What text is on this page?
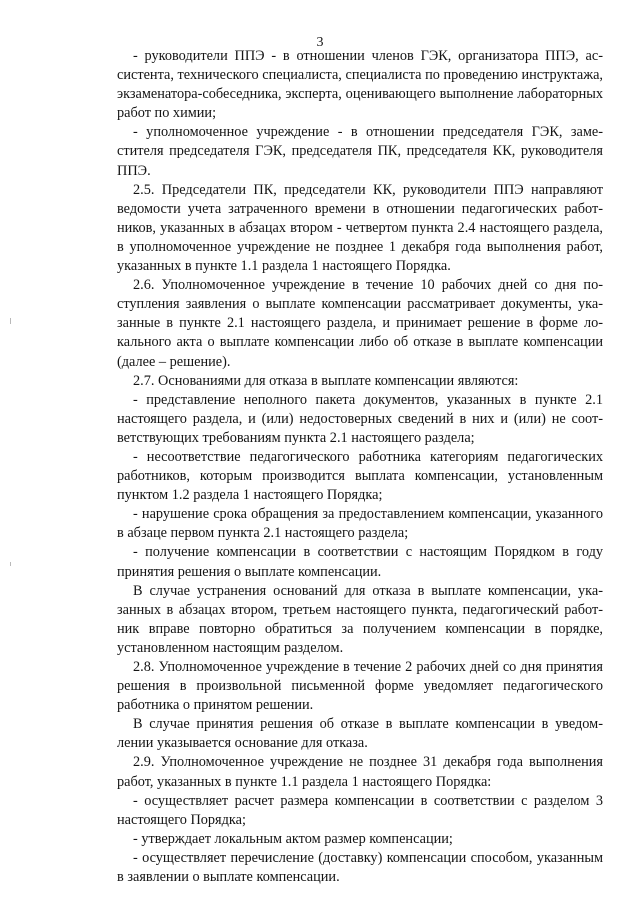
3

- руководители ППЭ - в отношении членов ГЭК, организатора ППЭ, ассистента, технического специалиста, специалиста по проведению инструктажа, экзаменатора-собеседника, эксперта, оценивающего выполнение лабораторных работ по химии;

- уполномоченное учреждение - в отношении председателя ГЭК, заместителя председателя ГЭК, председателя ПК, председателя КК, руководителя ППЭ.

2.5. Председатели ПК, председатели КК, руководители ППЭ направляют ведомости учета затраченного времени в отношении педагогических работников, указанных в абзацах втором - четвертом пункта 2.4 настоящего раздела, в уполномоченное учреждение не позднее 1 декабря года выполнения работ, указанных в пункте 1.1 раздела 1 настоящего Порядка.

2.6. Уполномоченное учреждение в течение 10 рабочих дней со дня поступления заявления о выплате компенсации рассматривает документы, указанные в пункте 2.1 настоящего раздела, и принимает решение в форме локального акта о выплате компенсации либо об отказе в выплате компенсации (далее – решение).

2.7. Основаниями для отказа в выплате компенсации являются:

- представление неполного пакета документов, указанных в пункте 2.1 настоящего раздела, и (или) недостоверных сведений в них и (или) не соответствующих требованиям пункта 2.1 настоящего раздела;

- несоответствие педагогического работника категориям педагогических работников, которым производится выплата компенсации, установленным пунктом 1.2 раздела 1 настоящего Порядка;

- нарушение срока обращения за предоставлением компенсации, указанного в абзаце первом пункта 2.1 настоящего раздела;

- получение компенсации в соответствии с настоящим Порядком в году принятия решения о выплате компенсации.

В случае устранения оснований для отказа в выплате компенсации, указанных в абзацах втором, третьем настоящего пункта, педагогический работник вправе повторно обратиться за получением компенсации в порядке, установленном настоящим разделом.

2.8. Уполномоченное учреждение в течение 2 рабочих дней со дня принятия решения в произвольной письменной форме уведомляет педагогического работника о принятом решении.

В случае принятия решения об отказе в выплате компенсации в уведомлении указывается основание для отказа.

2.9. Уполномоченное учреждение не позднее 31 декабря года выполнения работ, указанных в пункте 1.1 раздела 1 настоящего Порядка:

- осуществляет расчет размера компенсации в соответствии с разделом 3 настоящего Порядка;

- утверждает локальным актом размер компенсации;

- осуществляет перечисление (доставку) компенсации способом, указанным в заявлении о выплате компенсации.
